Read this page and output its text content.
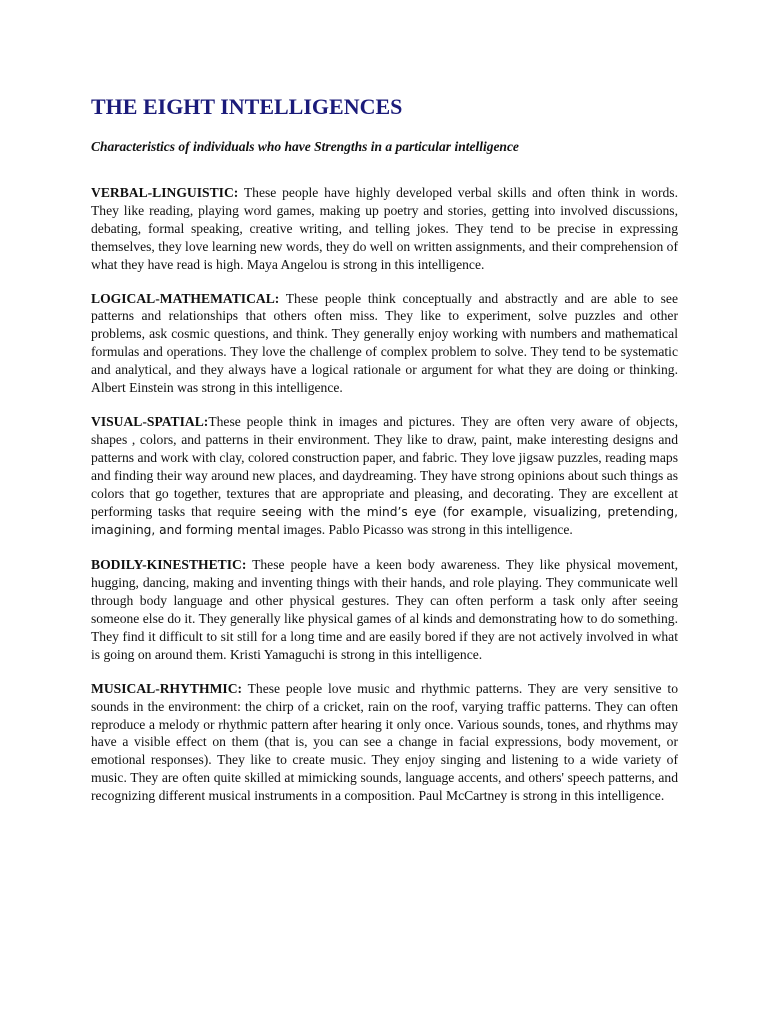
THE EIGHT INTELLIGENCES
Characteristics of individuals who have Strengths in a particular intelligence

VERBAL-LINGUISTIC: These people have highly developed verbal skills and often think in words. They like reading, playing word games, making up poetry and stories, getting into involved discussions, debating, formal speaking, creative writing, and telling jokes. They tend to be precise in expressing themselves, they love learning new words, they do well on written assignments, and their comprehension of what they have read is high. Maya Angelou is strong in this intelligence.

LOGICAL-MATHEMATICAL: These people think conceptually and abstractly and are able to see patterns and relationships that others often miss. They like to experiment, solve puzzles and other problems, ask cosmic questions, and think. They generally enjoy working with numbers and mathematical formulas and operations. They love the challenge of complex problem to solve. They tend to be systematic and analytical, and they always have a logical rationale or argument for what they are doing or thinking. Albert Einstein was strong in this intelligence.

VISUAL-SPATIAL:These people think in images and pictures. They are often very aware of objects, shapes , colors, and patterns in their environment. They like to draw, paint, make interesting designs and patterns and work with clay, colored construction paper, and fabric. They love jigsaw puzzles, reading maps and finding their way around new places, and daydreaming. They have strong opinions about such things as colors that go together, textures that are appropriate and pleasing, and decorating. They are excellent at performing tasks that require seeing with the mind’s eye (for example, visualizing, pretending, imagining, and forming mental images. Pablo Picasso was strong in this intelligence.

BODILY-KINESTHETIC: These people have a keen body awareness. They like physical movement, hugging, dancing, making and inventing things with their hands, and role playing. They communicate well through body language and other physical gestures. They can often perform a task only after seeing someone else do it. They generally like physical games of al kinds and demonstrating how to do something. They find it difficult to sit still for a long time and are easily bored if they are not actively involved in what is going on around them. Kristi Yamaguchi is strong in this intelligence.

MUSICAL-RHYTHMIC: These people love music and rhythmic patterns. They are very sensitive to sounds in the environment: the chirp of a cricket, rain on the roof, varying traffic patterns. They can often reproduce a melody or rhythmic pattern after hearing it only once. Various sounds, tones, and rhythms may have a visible effect on them (that is, you can see a change in facial expressions, body movement, or emotional responses). They like to create music. They enjoy singing and listening to a wide variety of music. They are often quite skilled at mimicking sounds, language accents, and others' speech patterns, and recognizing different musical instruments in a composition. Paul McCartney is strong in this intelligence.
